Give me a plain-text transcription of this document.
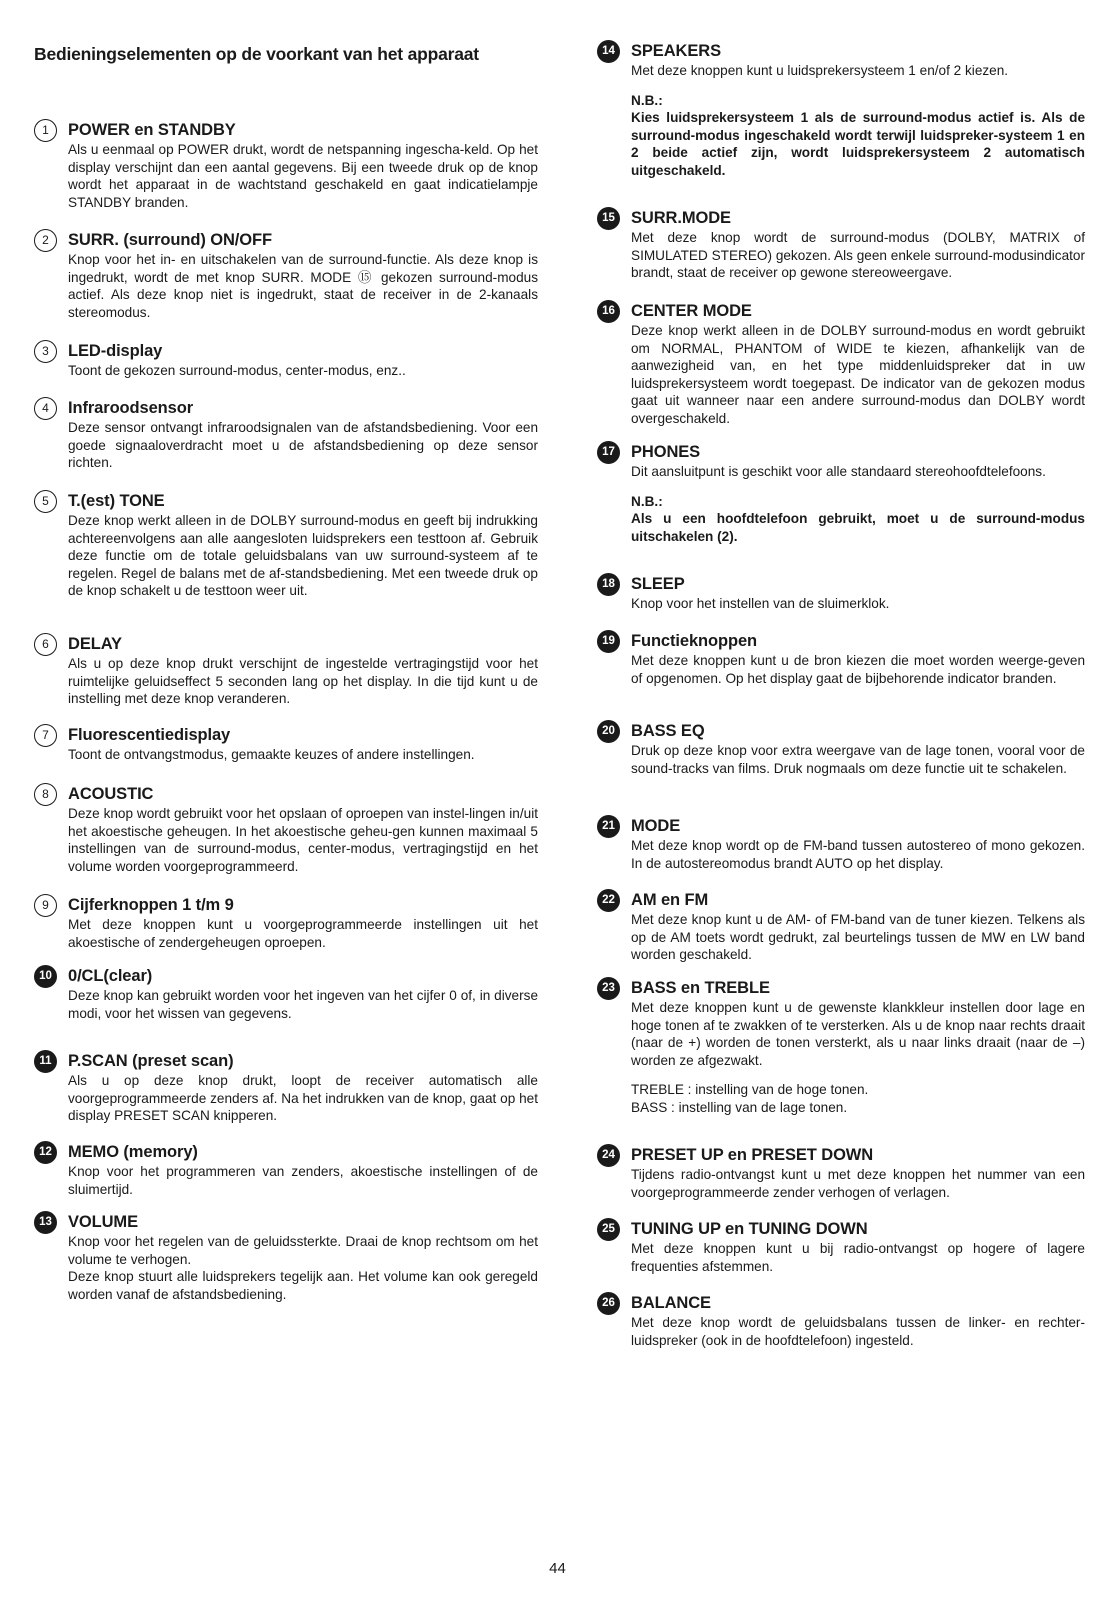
Bedieningselementen op de voorkant van het apparaat
1	POWER en STANDBY

Als u eenmaal op POWER drukt, wordt de netspanning ingescha-keld. Op het display verschijnt dan een aantal gegevens. Bij een tweede druk op de knop wordt het apparaat in de wachtstand geschakeld en gaat indicatielampje STANDBY branden.

2	SURR. (surround) ON/OFF

Knop voor het in- en uitschakelen van de surround-functie. Als deze knop is ingedrukt, wordt de met knop SURR. MODE ⑮ gekozen surround-modus actief. Als deze knop niet is ingedrukt, staat de receiver in de 2-kanaals stereomodus.

3	LED-display

Toont de gekozen surround-modus, center-modus, enz..

4	Infraroodsensor

Deze sensor ontvangt infraroodsignalen van de afstandsbediening. Voor een goede signaaloverdracht moet u de afstandsbediening op deze sensor richten.

5	T.(est) TONE

Deze knop werkt alleen in de DOLBY surround-modus en geeft bij indrukking achtereenvolgens aan alle aangesloten luidsprekers een testtoon af. Gebruik deze functie om de totale geluidsbalans van uw surround-systeem af te regelen. Regel de balans met de af-standsbediening. Met een tweede druk op de knop schakelt u de testtoon weer uit.

6	DELAY

Als u op deze knop drukt verschijnt de ingestelde vertragingstijd voor het ruimtelijke geluidseffect 5 seconden lang op het display. In die tijd kunt u de instelling met deze knop veranderen.

7	Fluorescentiedisplay

Toont de ontvangstmodus, gemaakte keuzes of andere instellingen.

8	ACOUSTIC

Deze knop wordt gebruikt voor het opslaan of oproepen van instel-lingen in/uit het akoestische geheugen. In het akoestische geheu-gen kunnen maximaal 5 instellingen van de surround-modus, center-modus, vertragingstijd en het volume worden voorgeprogrammeerd.

9	Cijferknoppen 1 t/m 9

Met deze knoppen kunt u voorgeprogrammeerde instellingen uit het akoestische of zendergeheugen oproepen.

10 0/CL(clear)

Deze knop kan gebruikt worden voor het ingeven van het cijfer 0 of, in diverse modi, voor het wissen van gegevens.

11 P.SCAN (preset scan)

Als u op deze knop drukt, loopt de receiver automatisch alle voorgeprogrammeerde zenders af. Na het indrukken van de knop, gaat op het display PRESET SCAN knipperen.

12 MEMO (memory)

Knop voor het programmeren van zenders, akoestische instellingen of de sluimertijd.

13 VOLUME

Knop voor het regelen van de geluidssterkte. Draai de knop rechtsom om het volume te verhogen.

Deze knop stuurt alle luidsprekers tegelijk aan. Het volume kan ook geregeld worden vanaf de afstandsbediening.

14 SPEAKERS

Met deze knoppen kunt u luidsprekersysteem 1 en/of 2 kiezen.

N.B.:
Kies luidsprekersysteem 1 als de surround-modus actief is. Als de surround-modus ingeschakeld wordt terwijl luidspreker-systeem 1 en 2 beide actief zijn, wordt luidsprekersysteem 2 automatisch uitgeschakeld.
15 SURR.MODE

Met deze knop wordt de surround-modus (DOLBY, MATRIX of SIMULATED STEREO) gekozen. Als geen enkele surround-modusindicator brandt, staat de receiver op gewone stereoweergave.

16 CENTER MODE

Deze knop werkt alleen in de DOLBY surround-modus en wordt gebruikt om NORMAL, PHANTOM of WIDE te kiezen, afhankelijk van de aanwezigheid van, en het type middenluidspreker dat in uw luidsprekersysteem wordt toegepast. De indicator van de gekozen modus gaat uit wanneer naar een andere surround-modus dan DOLBY wordt overgeschakeld.

17 PHONES

Dit aansluitpunt is geschikt voor alle standaard stereohoofdtelefoons.

N.B.:
Als u een hoofdtelefoon gebruikt, moet u de surround-modus uitschakelen (2).
18 SLEEP

Knop voor het instellen van de sluimerklok.

19 Functieknoppen

Met deze knoppen kunt u de bron kiezen die moet worden weerge-geven of opgenomen. Op het display gaat de bijbehorende indicator branden.

20 BASS EQ

Druk op deze knop voor extra weergave van de lage tonen, vooral voor de sound-tracks van films. Druk nogmaals om deze functie uit te schakelen.

21 MODE

Met deze knop wordt op de FM-band tussen autostereo of mono gekozen. In de autostereomodus brandt AUTO op het display.

22 AM en FM

Met deze knop kunt u de AM- of FM-band van de tuner kiezen. Telkens als op de AM toets wordt gedrukt, zal beurtelings tussen de MW en LW band worden geschakeld.

23 BASS en TREBLE

Met deze knoppen kunt u de gewenste klankkleur instellen door lage en hoge tonen af te zwakken of te versterken. Als u de knop naar rechts draait (naar de +) worden de tonen versterkt, als u naar links draait (naar de –) worden ze afgezwakt.

TREBLE : instelling van de hoge tonen.
BASS : instelling van de lage tonen.
24 PRESET UP en PRESET DOWN

Tijdens radio-ontvangst kunt u met deze knoppen het nummer van een voorgeprogrammeerde zender verhogen of verlagen.

25 TUNING UP en TUNING DOWN

Met deze knoppen kunt u bij radio-ontvangst op hogere of lagere frequenties afstemmen.

26 BALANCE

Met deze knop wordt de geluidsbalans tussen de linker- en rechter-luidspreker (ook in de hoofdtelefoon) ingesteld.

44
